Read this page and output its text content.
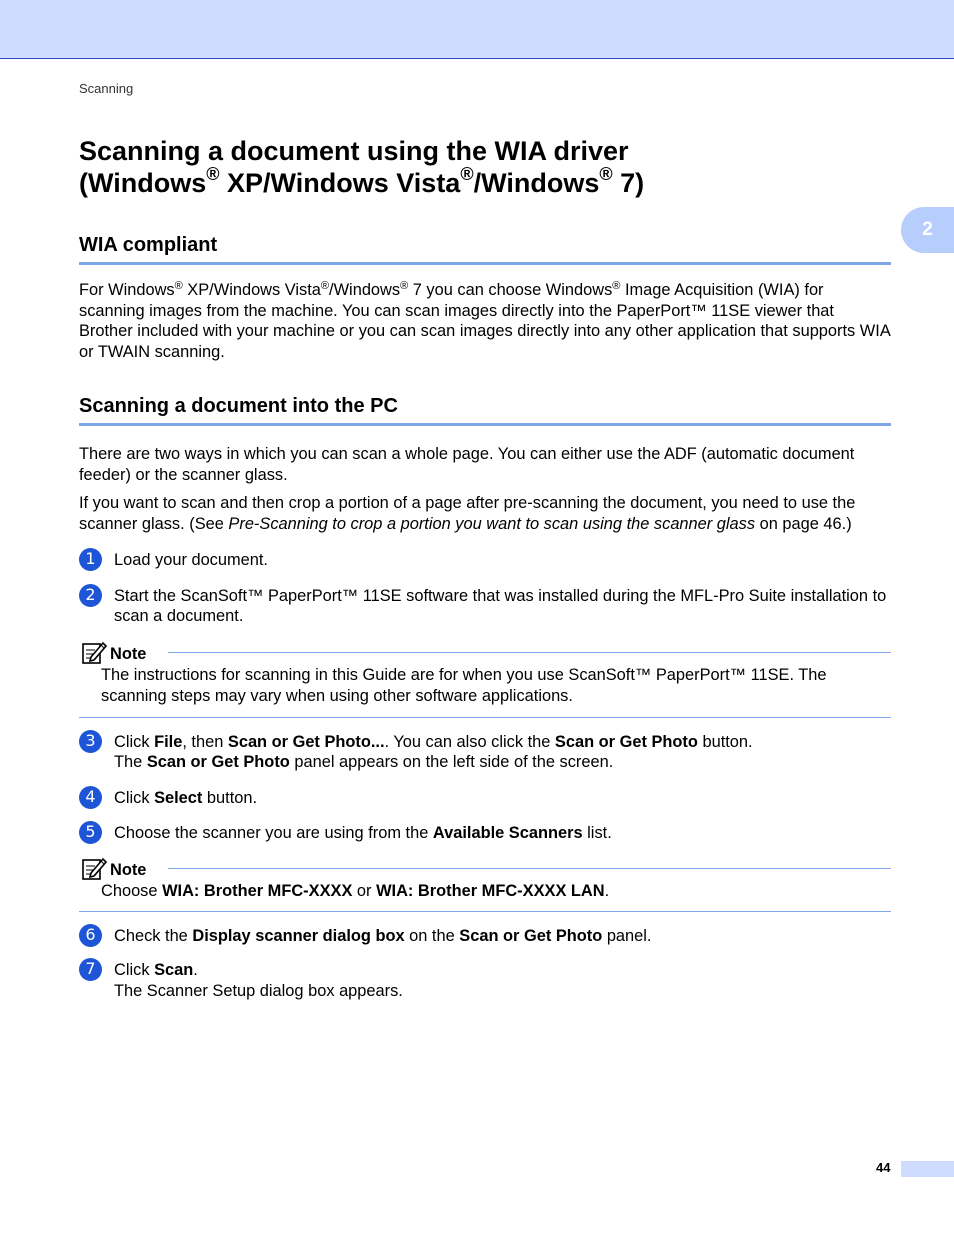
Scanning
2
Scanning a document using the WIA driver
(Windows® XP/Windows Vista®/Windows® 7)
WIA compliant

For Windows® XP/Windows Vista®/Windows® 7 you can choose Windows® Image Acquisition (WIA) for scanning images from the machine. You can scan images directly into the PaperPort™ 11SE viewer that Brother included with your machine or you can scan images directly into any other application that supports WIA or TWAIN scanning.

Scanning a document into the PC

There are two ways in which you can scan a whole page. You can either use the ADF (automatic document feeder) or the scanner glass.

If you want to scan and then crop a portion of a page after pre-scanning the document, you need to use the scanner glass. (See Pre-Scanning to crop a portion you want to scan using the scanner glass on page 46.)

1	Load your document.
2	Start the ScanSoft™ PaperPort™ 11SE software that was installed during the MFL-Pro Suite installation to scan a document.
Note
The instructions for scanning in this Guide are for when you use ScanSoft™ PaperPort™ 11SE. The scanning steps may vary when using other software applications.
3	Click File, then Scan or Get Photo.... You can also click the Scan or Get Photo button.
The Scan or Get Photo panel appears on the left side of the screen.
4	Click Select button.
5	Choose the scanner you are using from the Available Scanners list.
Note
Choose WIA: Brother MFC-XXXX or WIA: Brother MFC-XXXX LAN.
6	Check the Display scanner dialog box on the Scan or Get Photo panel.
7	Click Scan.
The Scanner Setup dialog box appears.
44
